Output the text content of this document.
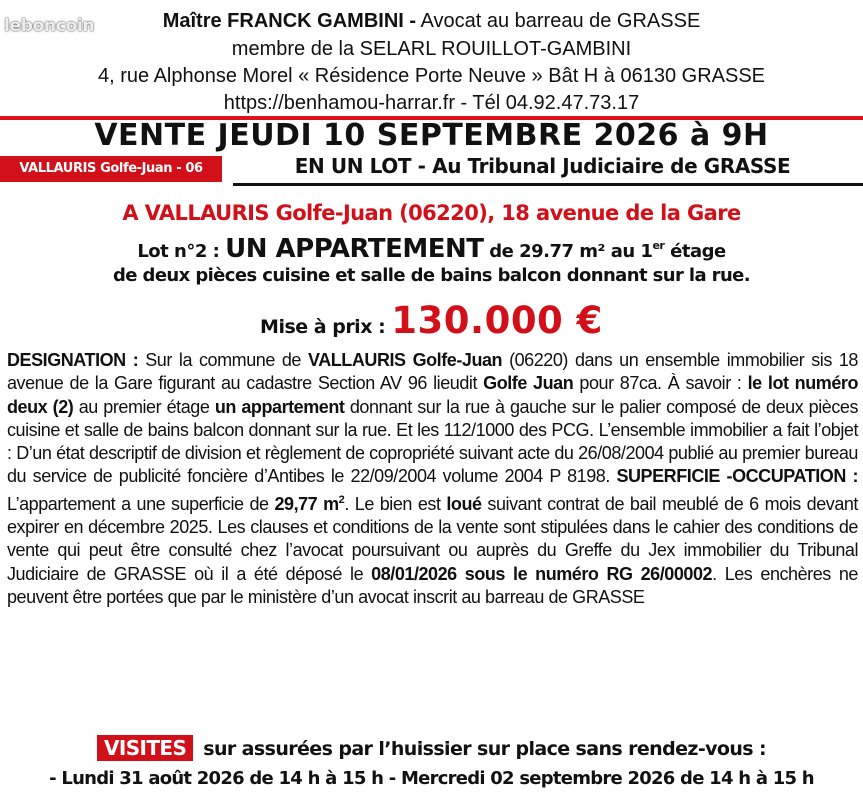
leboncoin	Maître FRANCK GAMBINI - Avocat au barreau de GRASSE
membre de la SELARL ROUILLOT-GAMBINI
4, rue Alphonse Morel « Résidence Porte Neuve » Bât H à 06130 GRASSE
https://benhamou-harrar.fr - Tél 04.92.47.73.17
VENTE JEUDI 10 SEPTEMBRE 2026 à 9H
VALLAURIS Golfe-Juan - 06	EN UN LOT - Au Tribunal Judiciaire de GRASSE
A VALLAURIS Golfe-Juan (06220), 18 avenue de la Gare
Lot n°2 : UN APPARTEMENT de 29.77 m² au 1er étage
de deux pièces cuisine et salle de bains balcon donnant sur la rue.
Mise à prix : 130.000 €
DESIGNATION : Sur la commune de VALLAURIS Golfe-Juan (06220) dans un ensemble immobilier sis 18 avenue de la Gare figurant au cadastre Section AV 96 lieudit Golfe Juan pour 87ca. À savoir : le lot numéro deux (2) au premier étage un appartement donnant sur la rue à gauche sur le palier composé de deux pièces cuisine et salle de bains balcon donnant sur la rue. Et les 112/1000 des PCG. L’ensemble immobilier a fait l’objet : D’un état descriptif de division et règlement de copropriété suivant acte du 26/08/2004 publié au premier bureau du service de publicité foncière d’Antibes le 22/09/2004 volume 2004 P 8198. SUPERFICIE -OCCUPATION : L’appartement a une superficie de 29,77 $m^2$. Le bien est loué suivant contrat de bail meublé de 6 mois devant expirer en décembre 2025. Les clauses et conditions de la vente sont stipulées dans le cahier des conditions de vente qui peut être consulté chez l’avocat poursuivant ou auprès du Greffe du Jex immobilier du Tribunal Judiciaire de GRASSE où il a été déposé le 08/01/2026 sous le numéro RG 26/00002. Les enchères ne peuvent être portées que par le ministère d’un avocat inscrit au barreau de GRASSE
VISITES sur assurées par l’huissier sur place sans rendez-vous :
- Lundi 31 août 2026 de 14 h à 15 h - Mercredi 02 septembre 2026 de 14 h à 15 h
